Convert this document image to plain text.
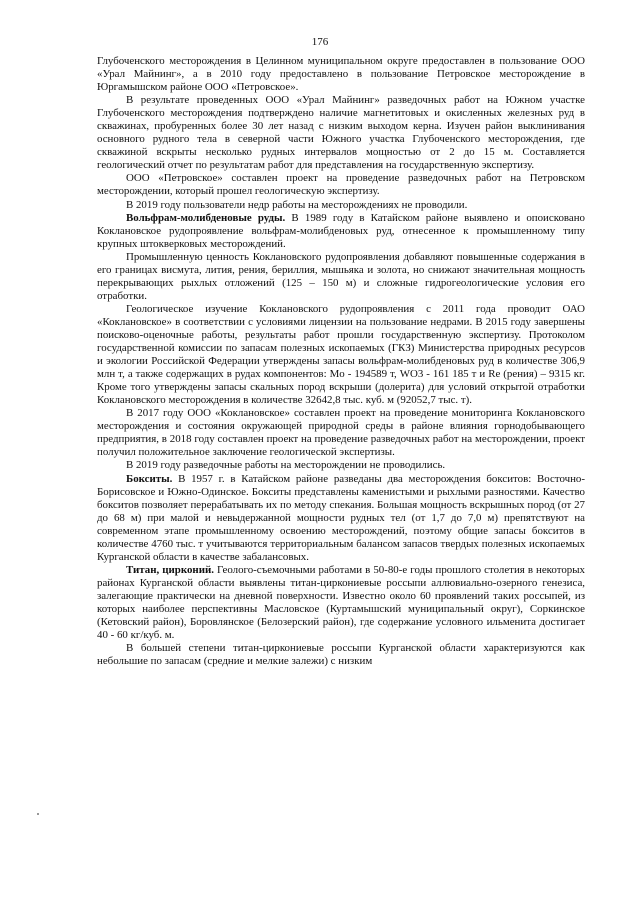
176

Глубоченского месторождения в Целинном муниципальном округе предоставлен в пользование ООО «Урал Майнинг», а в 2010 году предоставлено в пользование Петровское месторождение в Юргамышском районе ООО «Петровское».

В результате проведенных ООО «Урал Майнинг» разведочных работ на Южном участке Глубоченского месторождения подтверждено наличие магнетитовых и окисленных железных руд в скважинах, пробуренных более 30 лет назад с низким выходом керна. Изучен район выклинивания основного рудного тела в северной части Южного участка Глубоченского месторождения, где скважиной вскрыты несколько рудных интервалов мощностью от 2 до 15 м. Составляется геологический отчет по результатам работ для представления на государственную экспертизу.

ООО «Петровское» составлен проект на проведение разведочных работ на Петровском месторождении, который прошел геологическую экспертизу.

В 2019 году пользователи недр работы на месторождениях не проводили.

Вольфрам-молибденовые руды. В 1989 году в Катайском районе выявлено и опоисковано Коклановское рудопроявление вольфрам-молибденовых руд, отнесенное к промышленному типу крупных штокверковых месторождений.

Промышленную ценность Коклановского рудопроявления добавляют повышенные содержания в его границах висмута, лития, рения, бериллия, мышьяка и золота, но снижают значительная мощность перекрывающих рыхлых отложений (125 – 150 м) и сложные гидрогеологические условия его отработки.

Геологическое изучение Коклановского рудопроявления с 2011 года проводит ОАО «Коклановское» в соответствии с условиями лицензии на пользование недрами. В 2015 году завершены поисково-оценочные работы, результаты работ прошли государственную экспертизу. Протоколом государственной комиссии по запасам полезных ископаемых (ГКЗ) Министерства природных ресурсов и экологии Российской Федерации утверждены запасы вольфрам-молибденовых руд в количестве 306,9 млн т, а также содержащих в рудах компонентов: Mo - 194589 т, WO3 - 161 185 т и Re (рения) – 9315 кг. Кроме того утверждены запасы скальных пород вскрыши (долерита) для условий открытой отработки Коклановского месторождения в количестве 32642,8 тыс. куб. м (92052,7 тыс. т).

В 2017 году ООО «Коклановское» составлен проект на проведение мониторинга Коклановского месторождения и состояния окружающей природной среды в районе влияния горнодобывающего предприятия, в 2018 году составлен проект на проведение разведочных работ на месторождении, проект получил положительное заключение геологической экспертизы.

В 2019 году разведочные работы на месторождении не проводились.

Бокситы. В 1957 г. в Катайском районе разведаны два месторождения бокситов: Восточно-Борисовское и Южно-Одинское. Бокситы представлены каменистыми и рыхлыми разностями. Качество бокситов позволяет перерабатывать их по методу спекания. Большая мощность вскрышных пород (от 27 до 68 м) при малой и невыдержанной мощности рудных тел (от 1,7 до 7,0 м) препятствуют на современном этапе промышленному освоению месторождений, поэтому общие запасы бокситов в количестве 4760 тыс. т учитываются территориальным балансом запасов твердых полезных ископаемых Курганской области в качестве забалансовых.

Титан, цирконий. Геолого-съемочными работами в 50-80-е годы прошлого столетия в некоторых районах Курганской области выявлены титан-циркониевые россыпи аллювиально-озерного генезиса, залегающие практически на дневной поверхности. Известно около 60 проявлений таких россыпей, из которых наиболее перспективны Масловское (Куртамышский муниципальный округ), Соркинское (Кетовский район), Боровлянское (Белозерский район), где содержание условного ильменита достигает 40 - 60 кг/куб. м.

В большей степени титан-циркониевые россыпи Курганской области характеризуются как небольшие по запасам (средние и мелкие залежи) с низким
